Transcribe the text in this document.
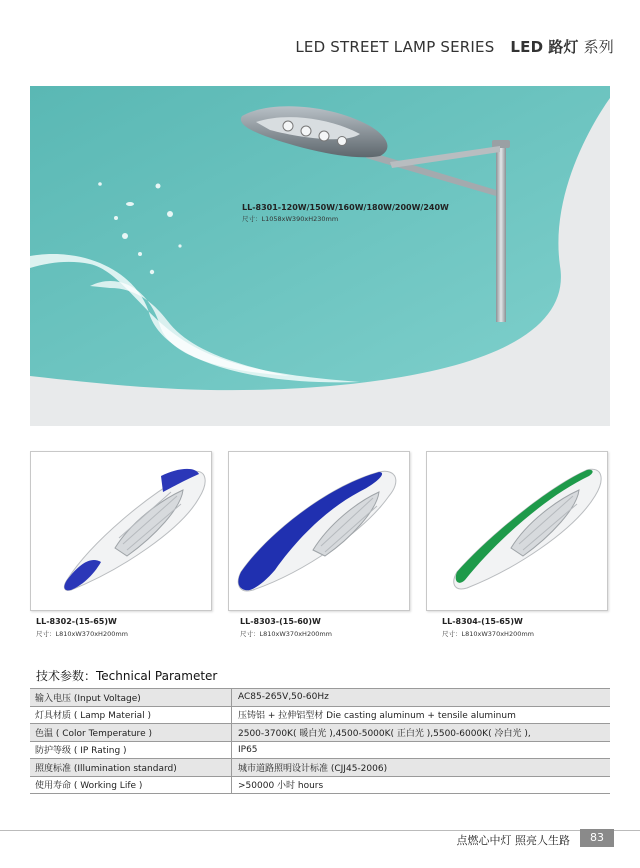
LED STREET LAMP SERIES LED 路灯 系列
LL-8301-120W/150W/160W/180W/200W/240W
尺寸：L1058xW390xH230mm
LL-8302-(15-65)W
尺寸：L810xW370xH200mm
LL-8303-(15-60)W
尺寸：L810xW370xH200mm
LL-8304-(15-65)W
尺寸：L810xW370xH200mm
技术参数：Technical Parameter
输入电压 (Input Voltage)	AC85-265V,50-60Hz
灯具材质 ( Lamp Material )	压铸铝 + 拉伸铝型材 Die casting aluminum + tensile aluminum
色温 ( Color Temperature )	2500-3700K( 暖白光 ),4500-5000K( 正白光 ),5500-6000K( 冷白光 ),
防护等级 ( IP Rating )	IP65
照度标准 (Illumination standard)	城市道路照明设计标准 (CJJ45-2006)
使用寿命 ( Working Life )	>50000 小时 hours
点燃心中灯 照亮人生路	83
